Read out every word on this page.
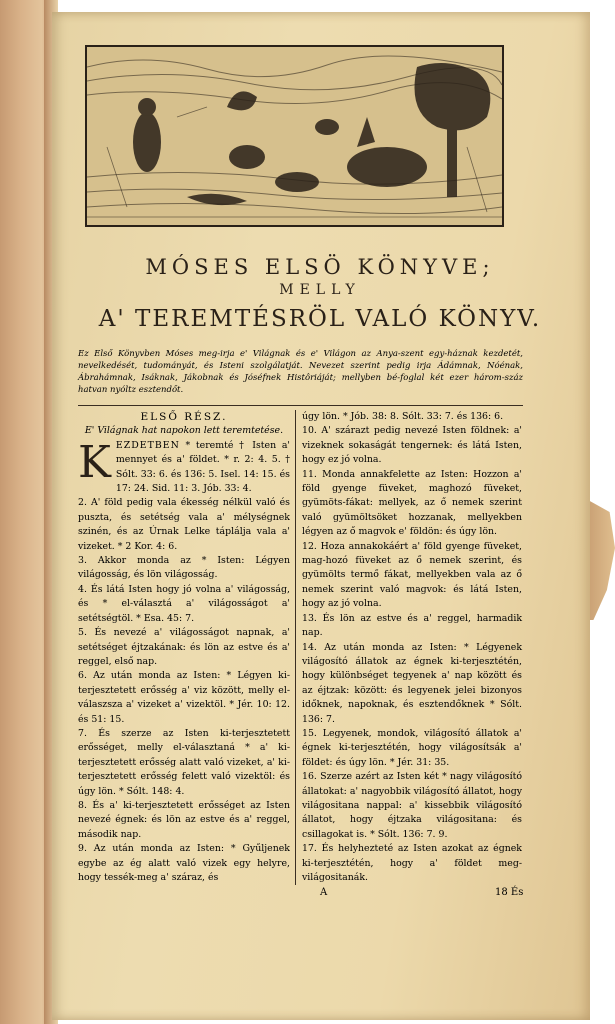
MÓSES ELSÖ KÖNYVE;
MELLY
A' TEREMTÉSRÖL VALÓ KÖNYV.

Ez Első Könyvben Móses meg-irja e' Világnak és e' Világon az Anya-szent egy-háznak kezdetét, nevelkedését, tudományát, és Isteni szolgálatját. Nevezet szerint pedig irja Ádámnak, Nóénak, Ábrahámnak, Isáknak, Jákobnak és Jóséfnek Histôriáját; mellyben bé-foglal két ezer három-száz hatvan nyóltz esztendőt.

ELSŐ RÉSZ.

E' Világnak hat napokon lett teremtetése.

KEZDETBEN * teremté † Isten a' mennyet és a' földet. * r. 2: 4. 5. † Sólt. 33: 6. és 136: 5. Isel. 14: 15. és 17: 24. Sid. 11: 3. Jób. 33: 4.

2. A' föld pedig vala ékesség nélkül való és puszta, és setétség vala a' mélységnek szinén, és az Úrnak Lelke táplálja vala a' vizeket. * 2 Kor. 4: 6.

3. Akkor monda az * Isten: Légyen világosság, és lön világosság.

4. És látá Isten hogy jó volna a' világosság, és * el-választá a' világosságot a' setétségtöl. * Esa. 45: 7.

5. És nevezé a' világosságot napnak, a' setétséget éjtzakának: és lön az estve és a' reggel, első nap.

6. Az után monda az Isten: * Légyen ki-terjesztetett erősség a' viz között, melly el-válaszsza a' vizeket a' vizektöl. * Jér. 10: 12. és 51: 15.

7. És szerze az Isten ki-terjesztetett erősséget, melly el-választaná * a' ki-terjesztetett erősség alatt való vizeket, a' ki-terjesztetett erősség felett való vizektöl: és úgy lön. * Sólt. 148: 4.

8. És a' ki-terjesztetett erősséget az Isten nevezé égnek: és lön az estve és a' reggel, második nap.

9. Az után monda az Isten: * Gyűljenek egybe az ég alatt való vizek egy helyre, hogy tessék-meg a' száraz, és

úgy lön. * Jób. 38: 8. Sólt. 33: 7. és 136: 6.

10. A' szárazt pedig nevezé Isten földnek: a' vizeknek sokaságát tengernek: és látá Isten, hogy ez jó volna.

11. Monda annakfelette az Isten: Hozzon a' föld gyenge füveket, maghozó füveket, gyümöts-fákat: mellyek, az ő nemek szerint való gyümöltsöket hozzanak, mellyekben légyen az ő magvok e' földön: és úgy lön.

12. Hoza annakokáért a' föld gyenge füveket, mag-hozó füveket az ő nemek szerint, és gyümölts termő fákat, mellyekben vala az ő nemek szerint való magvok: és látá Isten, hogy az jó volna.

13. És lön az estve és a' reggel, harmadik nap.

14. Az után monda az Isten: * Légyenek világosító állatok az égnek ki-terjesztétén, hogy különbséget tegyenek a' nap között és az éjtzak: között: és legyenek jelei bizonyos időknek, napoknak, és esztendőknek * Sólt. 136: 7.

15. Legyenek, mondok, világosító állatok a' égnek ki-terjesztétén, hogy világosítsák a' földet: és úgy lön. * Jér. 31: 35.

16. Szerze azért az Isten két * nagy világosító állatokat: a' nagyobbik világosító állatot, hogy világositana nappal: a' kissebbik világosító állatot, hogy éjtzaka világositana: és csillagokat is. * Sólt. 136: 7. 9.

17. És helyhezteté az Isten azokat az égnek ki-terjesztétén, hogy a' földet meg-világositanák.

A	18 És
